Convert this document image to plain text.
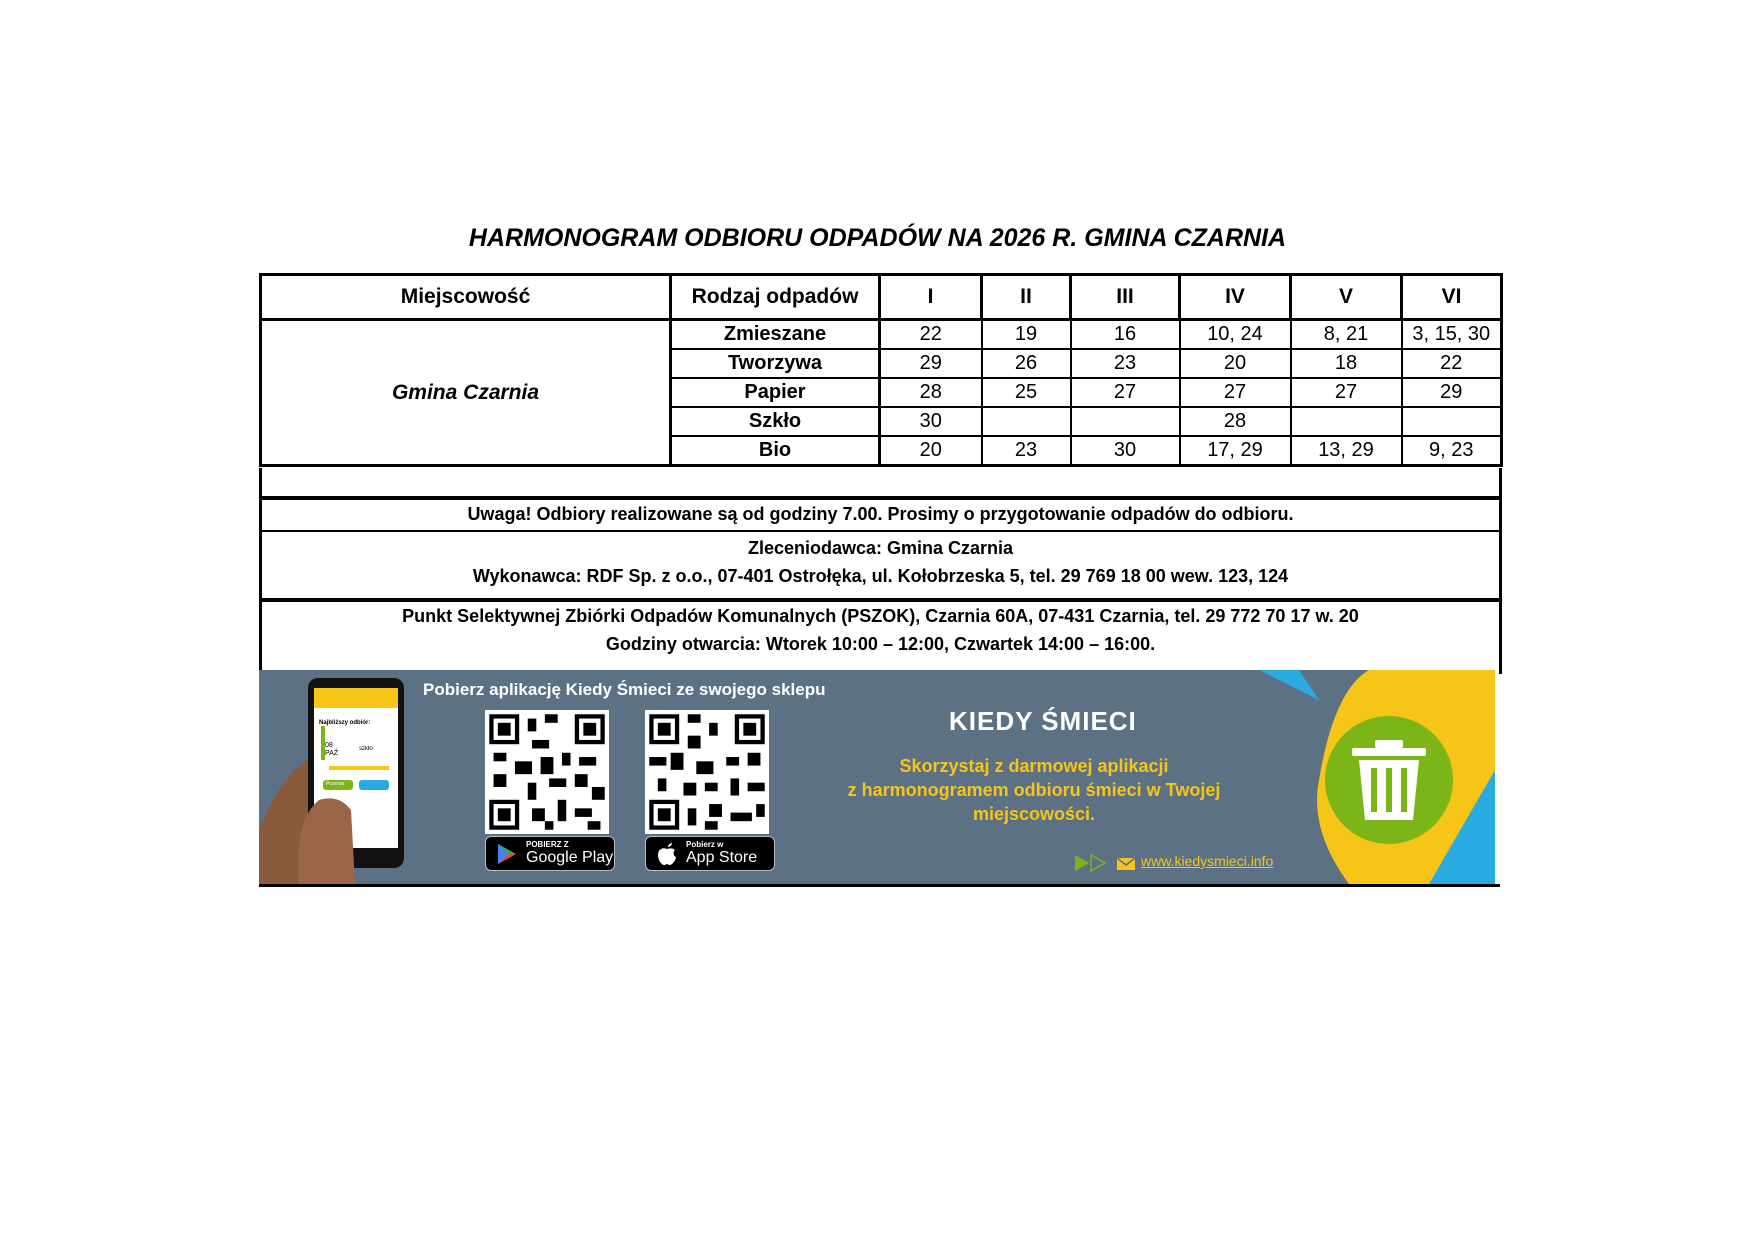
HARMONOGRAM ODBIORU ODPADÓW NA 2026 R. GMINA CZARNIA
Miejscowość	Rodzaj odpadów	I	II	III	IV	V	VI
Gmina Czarnia	Zmieszane	22	19	16	10, 24	8, 21	3, 15, 30
	Tworzywa	29	26	23	20	18	22
	Papier	28	25	27	27	27	29
	Szkło	30			28		
	Bio	20	23	30	17, 29	13, 29	9, 23
Uwaga! Odbiory realizowane są od godziny 7.00. Prosimy o przygotowanie odpadów do odbioru.
Zleceniodawca: Gmina Czarnia
Wykonawca: RDF Sp. z o.o., 07-401 Ostrołęka, ul. Kołobrzeska 5, tel. 29 769 18 00 wew. 123, 124
Punkt Selektywnej Zbiórki Odpadów Komunalnych (PSZOK), Czarnia 60A, 07-431 Czarnia, tel. 29 772 70 17 w. 20
Godziny otwarcia: Wtorek 10:00 – 12:00, Czwartek 14:00 – 16:00.
Najbliższy odbiór:
08
PAŹ
szkło
Przerwa
Pobierz aplikację Kiedy Śmieci ze swojego sklepu
POBIERZ Z
Google Play
Pobierz w
App Store
KIEDY ŚMIECI
Skorzystaj z darmowej aplikacji
z harmonogramem odbioru śmieci w Twojej
miejscowości.
www.kiedysmieci.info
